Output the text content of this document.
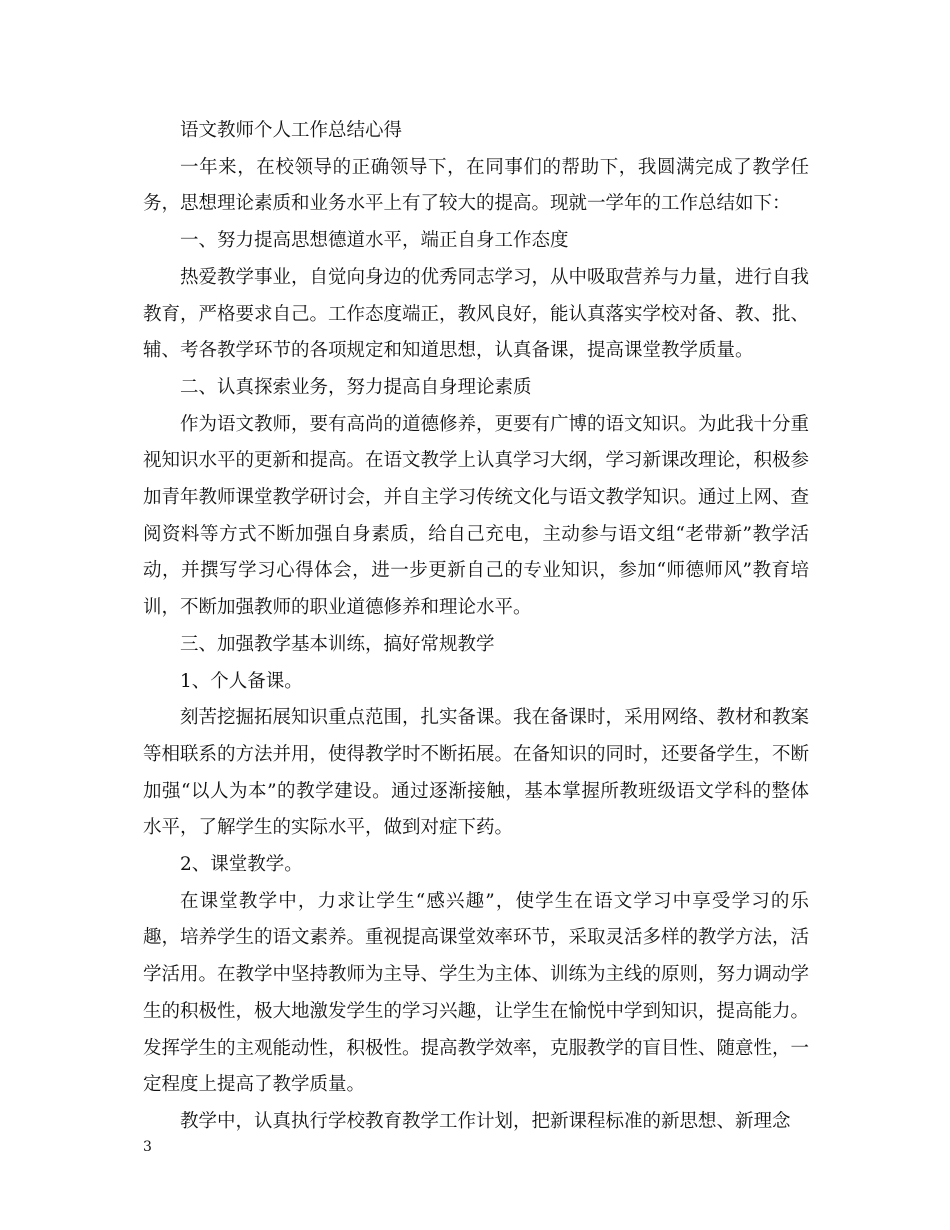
语文教师个人工作总结心得

一年来，在校领导的正确领导下，在同事们的帮助下，我圆满完成了教学任务，思想理论素质和业务水平上有了较大的提高。现就一学年的工作总结如下：

一、努力提高思想德道水平，端正自身工作态度

热爱教学事业，自觉向身边的优秀同志学习，从中吸取营养与力量，进行自我教育，严格要求自己。工作态度端正，教风良好，能认真落实学校对备、教、批、辅、考各教学环节的各项规定和知道思想，认真备课，提高课堂教学质量。

二、认真探索业务，努力提高自身理论素质

作为语文教师，要有高尚的道德修养，更要有广博的语文知识。为此我十分重视知识水平的更新和提高。在语文教学上认真学习大纲，学习新课改理论，积极参加青年教师课堂教学研讨会，并自主学习传统文化与语文教学知识。通过上网、查阅资料等方式不断加强自身素质，给自己充电，主动参与语文组“老带新”教学活动，并撰写学习心得体会，进一步更新自己的专业知识，参加“师德师风”教育培训，不断加强教师的职业道德修养和理论水平。

三、加强教学基本训练，搞好常规教学

1、个人备课。

刻苦挖掘拓展知识重点范围，扎实备课。我在备课时，采用网络、教材和教案等相联系的方法并用，使得教学时不断拓展。在备知识的同时，还要备学生，不断加强“以人为本”的教学建设。通过逐渐接触，基本掌握所教班级语文学科的整体水平，了解学生的实际水平，做到对症下药。

2、课堂教学。

在课堂教学中，力求让学生“感兴趣”，使学生在语文学习中享受学习的乐趣，培养学生的语文素养。重视提高课堂效率环节，采取灵活多样的教学方法，活学活用。在教学中坚持教师为主导、学生为主体、训练为主线的原则，努力调动学生的积极性，极大地激发学生的学习兴趣，让学生在愉悦中学到知识，提高能力。发挥学生的主观能动性，积极性。提高教学效率，克服教学的盲目性、随意性，一定程度上提高了教学质量。

教学中，认真执行学校教育教学工作计划，把新课程标准的新思想、新理念

3
